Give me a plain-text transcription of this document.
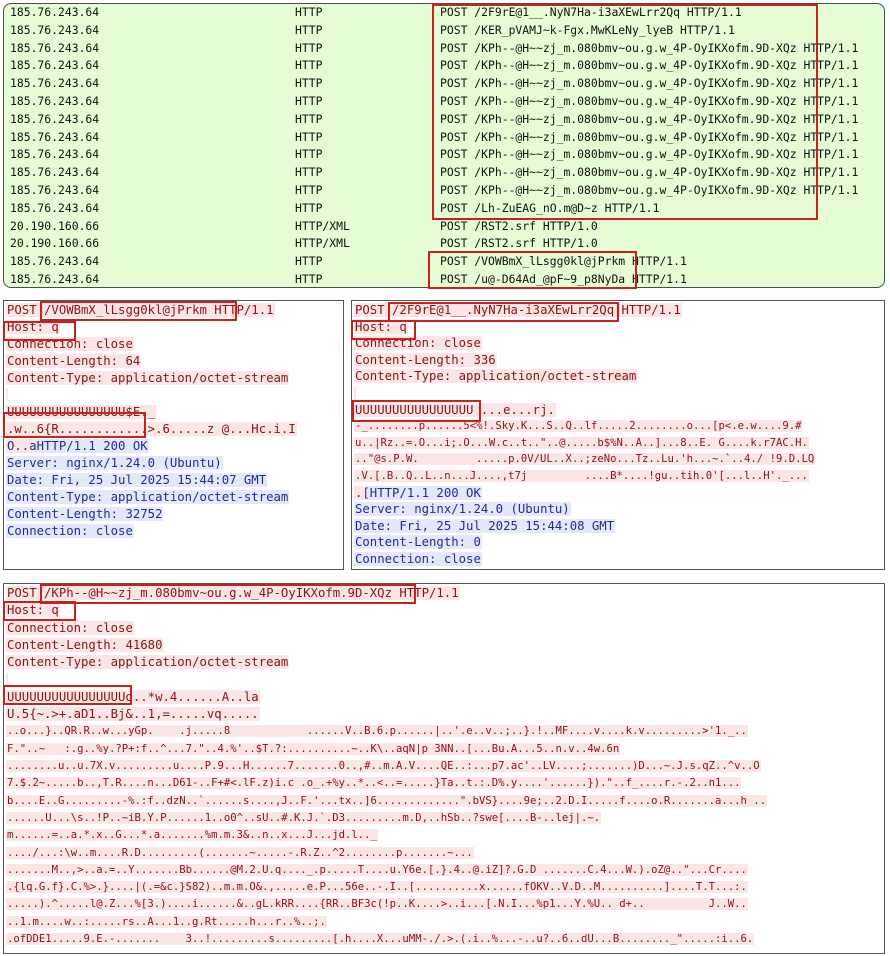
185.76.243.64	HTTP	POST /2F9rE@1__.NyN7Ha-i3aXEwLrr2Qq HTTP/1.1
185.76.243.64	HTTP	POST /KER_pVAMJ~k-Fgx.MwKLeNy_lyeB HTTP/1.1
185.76.243.64	HTTP	POST /KPh--@H~~zj_m.080bmv~ou.g.w_4P-OyIKXofm.9D-XQz HTTP/1.1
185.76.243.64	HTTP	POST /KPh--@H~~zj_m.080bmv~ou.g.w_4P-OyIKXofm.9D-XQz HTTP/1.1
185.76.243.64	HTTP	POST /KPh--@H~~zj_m.080bmv~ou.g.w_4P-OyIKXofm.9D-XQz HTTP/1.1
185.76.243.64	HTTP	POST /KPh--@H~~zj_m.080bmv~ou.g.w_4P-OyIKXofm.9D-XQz HTTP/1.1
185.76.243.64	HTTP	POST /KPh--@H~~zj_m.080bmv~ou.g.w_4P-OyIKXofm.9D-XQz HTTP/1.1
185.76.243.64	HTTP	POST /KPh--@H~~zj_m.080bmv~ou.g.w_4P-OyIKXofm.9D-XQz HTTP/1.1
185.76.243.64	HTTP	POST /KPh--@H~~zj_m.080bmv~ou.g.w_4P-OyIKXofm.9D-XQz HTTP/1.1
185.76.243.64	HTTP	POST /KPh--@H~~zj_m.080bmv~ou.g.w_4P-OyIKXofm.9D-XQz HTTP/1.1
185.76.243.64	HTTP	POST /KPh--@H~~zj_m.080bmv~ou.g.w_4P-OyIKXofm.9D-XQz HTTP/1.1
185.76.243.64	HTTP	POST /Lh-ZuEAG_nO.m@D~z HTTP/1.1
20.190.160.66	HTTP/XML	POST /RST2.srf HTTP/1.0
20.190.160.66	HTTP/XML	POST /RST2.srf HTTP/1.0
185.76.243.64	HTTP	POST /VOWBmX_lLsgg0kl@jPrkm HTTP/1.1
185.76.243.64	HTTP	POST /u@-D64Ad_@pF~9_p8NyDa HTTP/1.1
POST /VOWBmX_lLsgg0kl@jPrkm HTTP/1.1
Host: q
Connection: close
Content-Length: 64
Content-Type: application/octet-stream
UUUUUUUUUUUUUUUU$E._
.w..6{R............>.6.....z @...Hc.i.I
O..aHTTP/1.1 200 OK
Server: nginx/1.24.0 (Ubuntu)
Date: Fri, 25 Jul 2025 15:44:07 GMT
Content-Type: application/octet-stream
Content-Length: 32752
Connection: close
POST /2F9rE@1__.NyN7Ha-i3aXEwLrr2Qq HTTP/1.1
Host: q
Connection: close
Content-Length: 336
Content-Type: application/octet-stream
UUUUUUUUUUUUUUUU ...e...rj.
-_........p......5<%!.Sky.K...S..Q..lf.....2........o...[p<.e.w....9.#
u..|Rz..=.O...i;.O...W.c..t.."..@.....b$%N..A..]...8..E. G....k.r7AC.H.
.."@s.P.W.         .....p.0V/UL..X..;zeNo...Tz..Lu.'h...~.`..4./ !9.D.LQ
.V.[.B..Q..L..n...J....,t7j         ....B*....!gu..tih.0'[...l..H'._...
.[HTTP/1.1 200 OK
Server: nginx/1.24.0 (Ubuntu)
Date: Fri, 25 Jul 2025 15:44:08 GMT
Content-Length: 0
Connection: close
POST /KPh--@H~~zj_m.080bmv~ou.g.w_4P-OyIKXofm.9D-XQz HTTP/1.1
Host: q
Connection: close
Content-Length: 41680
Content-Type: application/octet-stream
UUUUUUUUUUUUUUUUd..*w.4......A..la
U.5{~.>+.aD1..Bj&..1,=.....vq.....
..o...}..QR.R..w...yGp.    .j.....8            ......V..B.6.p......|..'.e..v..;..}.!..MF....v....k.v.........>'1._..
F."..~   :.g..%y.?P+:f..^...7."..4.%'..$T.?:..........~..K\..aqN|p 3NN..[...Bu.A...5..n.v..4w.6n
........u..u.7X.v.........u....P.9...H......7.......0..,#..m.A.V....QE..:...p7.ac'..LV....;.......)D...~.J.s.qZ..^v..O
7.$.2~.....b..,T.R....n...D61-..F+#<.lF.z)i.c .o_.+%y..*..<..=.....}Ta..t.:.D%.y....'......})."..f_....r.-.2..n1...
b....E..G.........-%.:f..dzN..`......s....,J..F.'...tx..]6.............".bVS}....9e;..2.D.I.....f....o.R.......a...h ..
......U...\s..!P..~iB.Y.P......1..o0^..sU..#.K.J.`.D3.........m.D,..hSb..?swe[....B-..lej|.~.
m......=..a.*.x..G...*.a.......%m.m.3&..n..x...J...jd.l.._
..../...:\w..m....R.D.........(.......~.....-.R.Z..^2........p.......~...
.......M..,>..a.=..Y.......Bb......@M.2.U.q...._.p.....T....u.Y6e.[.}.4..@.iZ]?.G.D .......C.4...W.).oZ@.."...Cr....
.{lq.G.f}.C.%>.}....|(.=&c.}S82)..m.m.O&.,.....e.P...56e..-.I..[..........x......fOKV..V.D..M..........]....T.T...:.
.....).^.....l@.Z...%[3.)....i......&..gL.kRR....{RR..BF3c(!p..K....>..i...[.N.I...%p1...Y.%U.. d+..          J..W..
..1.m....w..:.....rs..A...1..g.Rt.....h...r..%..;.
.ofDDE1.....9.E.-.......    3..!.........s.........[.h....X...uMM-./.>.(.i..%...-..u?..6..dU...B........_".....:i..6.
